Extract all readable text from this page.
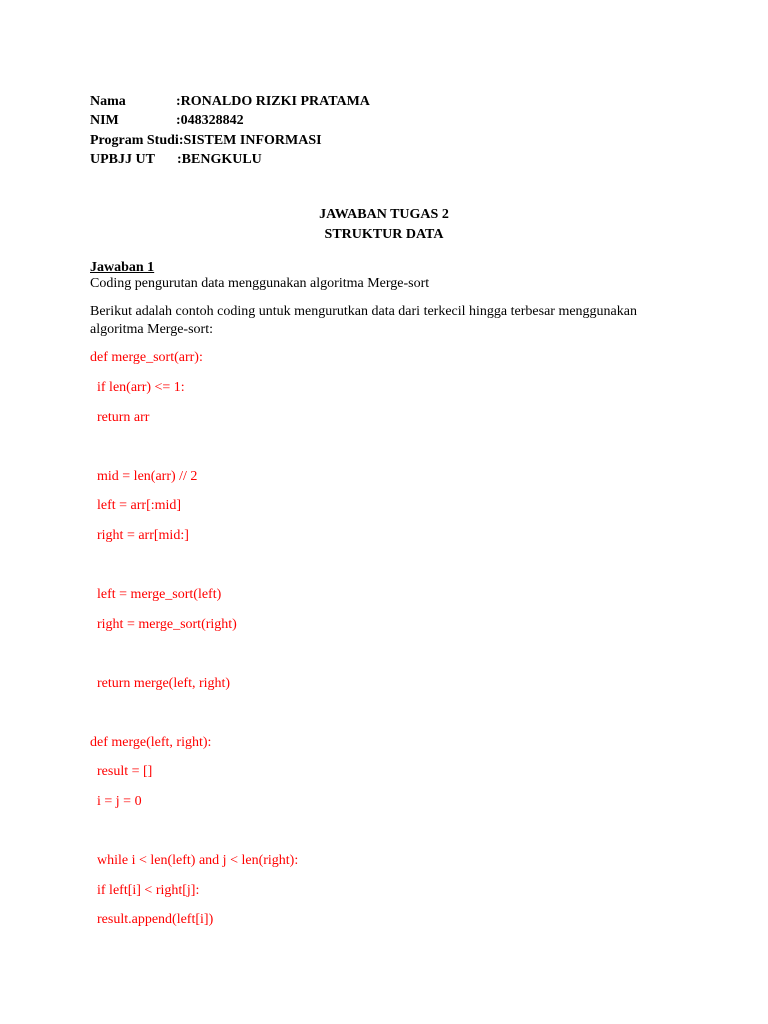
Nama	:RONALDO RIZKI PRATAMA
NIM	:048328842
Program Studi :SISTEM INFORMASI
UPBJJ UT	:BENGKULU
JAWABAN TUGAS 2
STRUKTUR DATA
Jawaban 1
Coding pengurutan data menggunakan algoritma Merge-sort
Berikut adalah contoh coding untuk mengurutkan data dari terkecil hingga terbesar menggunakan algoritma Merge-sort:
def merge_sort(arr):
if len(arr) <= 1:
return arr
mid = len(arr) // 2
left = arr[:mid]
right = arr[mid:]
left = merge_sort(left)
right = merge_sort(right)
return merge(left, right)
def merge(left, right):
result = []
i = j = 0
while i < len(left) and j < len(right):
if left[i] < right[j]:
result.append(left[i])
